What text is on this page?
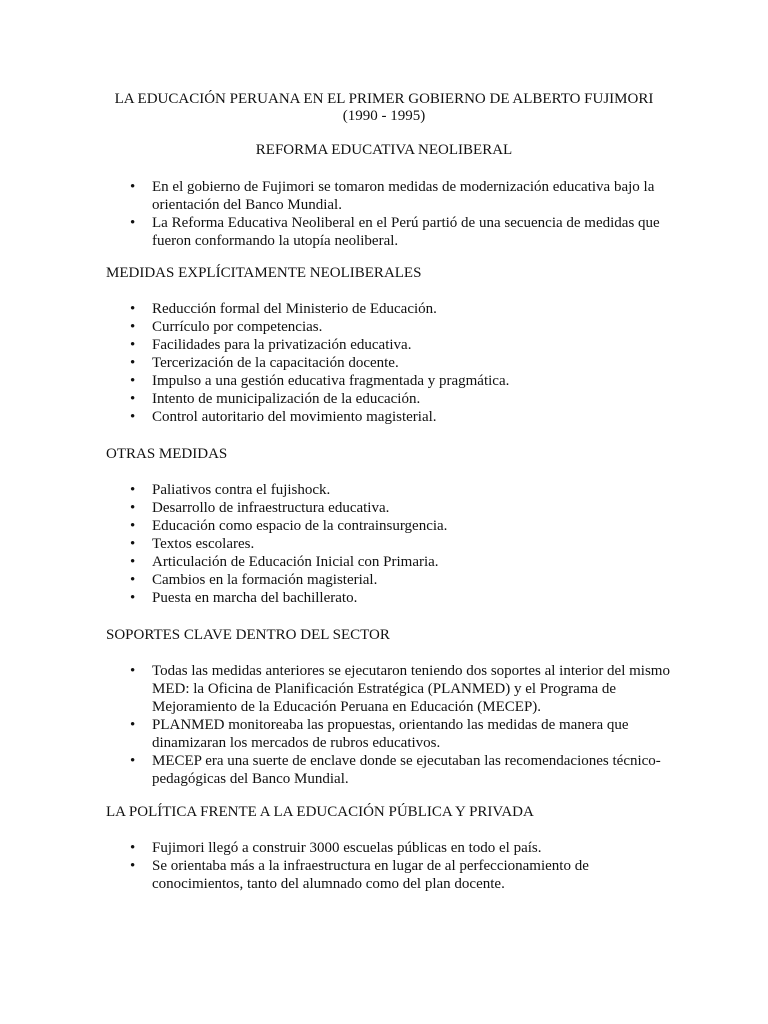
LA EDUCACIÓN PERUANA EN EL PRIMER GOBIERNO DE ALBERTO FUJIMORI

(1990 - 1995)

REFORMA EDUCATIVA NEOLIBERAL

• En el gobierno de Fujimori se tomaron medidas de modernización educativa bajo la orientación del Banco Mundial.
• La Reforma Educativa Neoliberal en el Perú partió de una secuencia de medidas que fueron conformando la utopía neoliberal.

MEDIDAS EXPLÍCITAMENTE NEOLIBERALES

• Reducción formal del Ministerio de Educación.
• Currículo por competencias.
• Facilidades para la privatización educativa.
• Tercerización de la capacitación docente.
• Impulso a una gestión educativa fragmentada y pragmática.
• Intento de municipalización de la educación.
• Control autoritario del movimiento magisterial.

OTRAS MEDIDAS

• Paliativos contra el fujishock.
• Desarrollo de infraestructura educativa.
• Educación como espacio de la contrainsurgencia.
• Textos escolares.
• Articulación de Educación Inicial con Primaria.
• Cambios en la formación magisterial.
• Puesta en marcha del bachillerato.

SOPORTES CLAVE DENTRO DEL SECTOR

• Todas las medidas anteriores se ejecutaron teniendo dos soportes al interior del mismo MED: la Oficina de Planificación Estratégica (PLANMED) y el Programa de Mejoramiento de la Educación Peruana en Educación (MECEP).
• PLANMED monitoreaba las propuestas, orientando las medidas de manera que dinamizaran los mercados de rubros educativos.
• MECEP era una suerte de enclave donde se ejecutaban las recomendaciones técnico-pedagógicas del Banco Mundial.

LA POLÍTICA FRENTE A LA EDUCACIÓN PÚBLICA Y PRIVADA

• Fujimori llegó a construir 3000 escuelas públicas en todo el país.
• Se orientaba más a la infraestructura en lugar de al perfeccionamiento de conocimientos, tanto del alumnado como del plan docente.
